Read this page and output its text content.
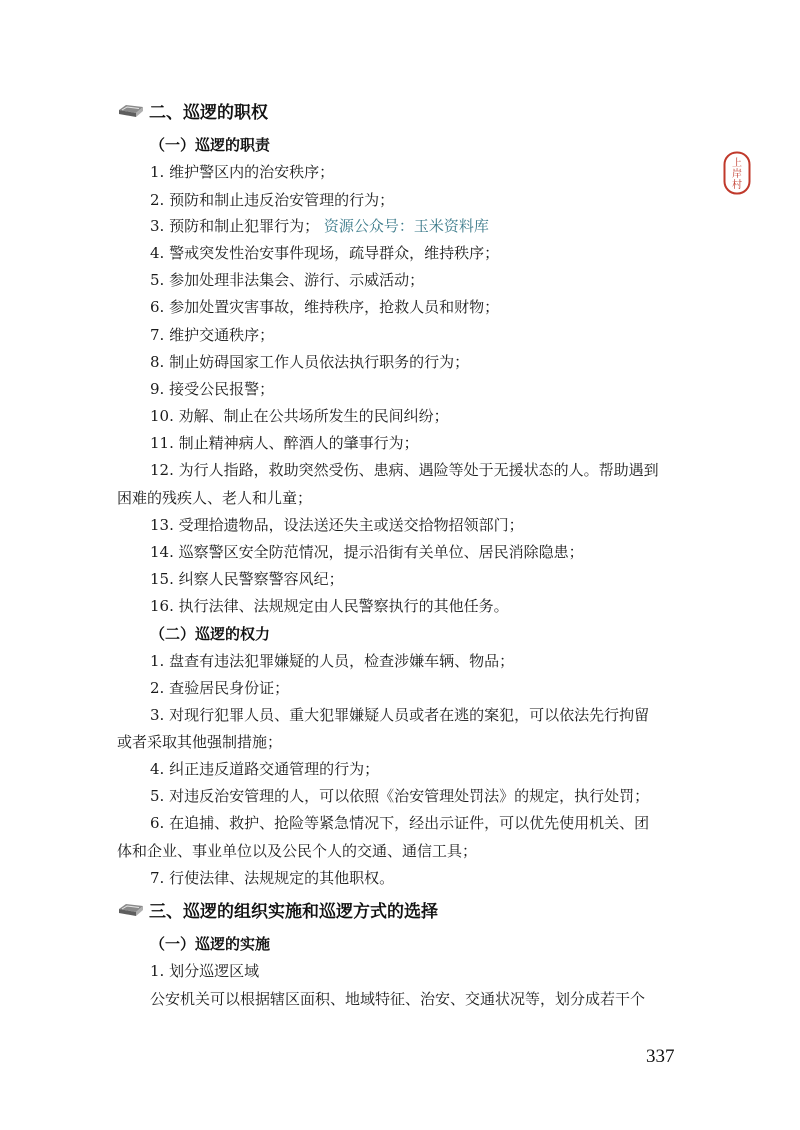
上
岸
村
二、巡逻的职权
（一）巡逻的职责
1. 维护警区内的治安秩序；
2. 预防和制止违反治安管理的行为；
3. 预防和制止犯罪行为； 资源公众号：玉米资料库
4. 警戒突发性治安事件现场，疏导群众，维持秩序；
5. 参加处理非法集会、游行、示威活动；
6. 参加处置灾害事故，维持秩序，抢救人员和财物；
7. 维护交通秩序；
8. 制止妨碍国家工作人员依法执行职务的行为；
9. 接受公民报警；
10. 劝解、制止在公共场所发生的民间纠纷；
11. 制止精神病人、醉酒人的肇事行为；
12. 为行人指路，救助突然受伤、患病、遇险等处于无援状态的人。帮助遇到
困难的残疾人、老人和儿童；
13. 受理拾遗物品，设法送还失主或送交拾物招领部门；
14. 巡察警区安全防范情况，提示沿街有关单位、居民消除隐患；
15. 纠察人民警察警容风纪；
16. 执行法律、法规规定由人民警察执行的其他任务。
（二）巡逻的权力
1. 盘查有违法犯罪嫌疑的人员，检查涉嫌车辆、物品；
2. 查验居民身份证；
3. 对现行犯罪人员、重大犯罪嫌疑人员或者在逃的案犯，可以依法先行拘留
或者采取其他强制措施；
4. 纠正违反道路交通管理的行为；
5. 对违反治安管理的人，可以依照《治安管理处罚法》的规定，执行处罚；
6. 在追捕、救护、抢险等紧急情况下，经出示证件，可以优先使用机关、团
体和企业、事业单位以及公民个人的交通、通信工具；
7. 行使法律、法规规定的其他职权。
三、巡逻的组织实施和巡逻方式的选择
（一）巡逻的实施
1. 划分巡逻区域
公安机关可以根据辖区面积、地域特征、治安、交通状况等，划分成若干个
337
